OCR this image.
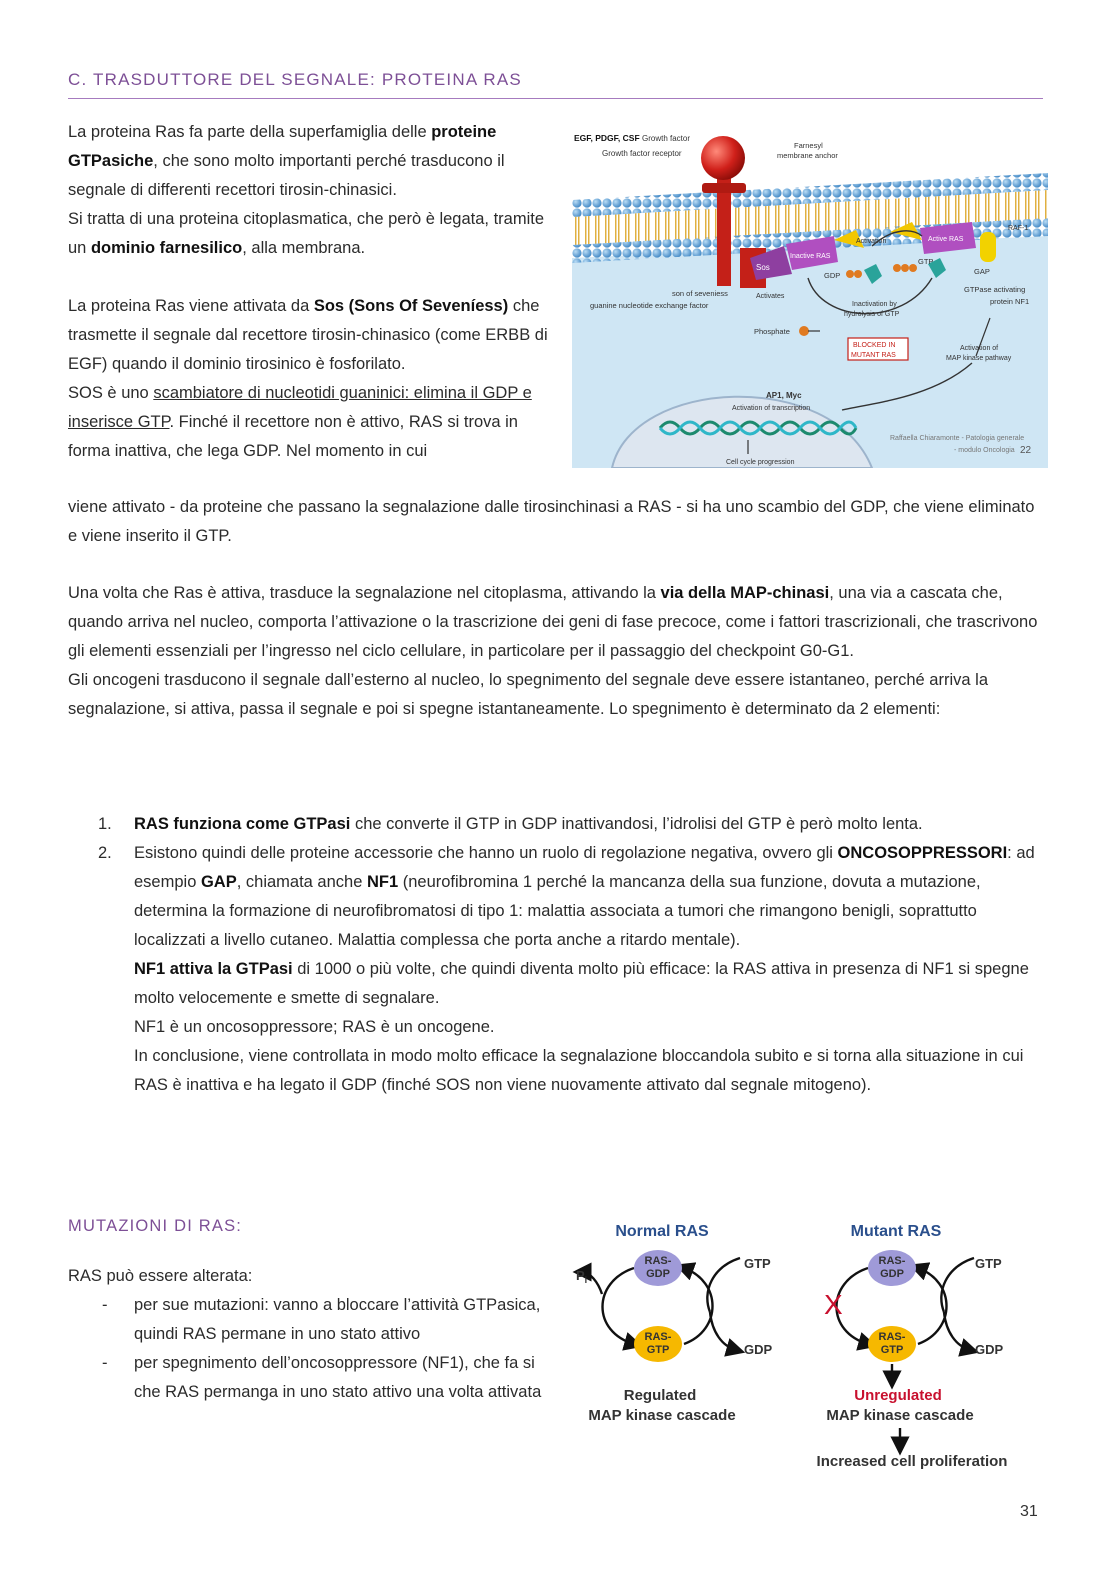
C. TRASDUTTORE DEL SEGNALE: PROTEINA RAS

La proteina Ras fa parte della superfamiglia delle proteine GTPasiche, che sono molto importanti perché trasducono il segnale di differenti recettori tirosin-chinasici.
Si tratta di una proteina citoplasmatica, che però è legata, tramite un dominio farnesilico, alla membrana.

La proteina Ras viene attivata da Sos (Sons Of Seveníess) che trasmette il segnale dal recettore tirosin-chinasico (come ERBB di EGF) quando il dominio tirosinico è fosforilato.
SOS è uno scambiatore di nucleotidi guaninici: elimina il GDP e inserisce GTP. Finché il recettore non è attivo, RAS si trova in forma inattiva, che lega GDP. Nel momento in cui

viene attivato - da proteine che passano la segnalazione dalle tirosinchinasi a RAS - si ha uno scambio del GDP, che viene eliminato e viene inserito il GTP.

EGF, PDGF, CSF Growth factor
Growth factor receptor
Farnesyl
membrane anchor
Sos
Inactive RAS
Active RAS
Activation
RAF-1
GDP
GTP
GAP
Activates
son of seveniess
guanine nucleotide exchange factor
GTPase activating
protein NF1
Inactivation by
hydrolysis of GTP
Phosphate
BLOCKED IN
MUTANT RAS
Activation of
MAP kinase pathway
AP1, Myc
Activation of transcription
Cell cycle progression
Raffaella Chiaramonte - Patologia generale
- modulo Oncologia 22

Una volta che Ras è attiva, trasduce la segnalazione nel citoplasma, attivando la via della MAP-chinasi, una via a cascata che, quando arriva nel nucleo, comporta l’attivazione o la trascrizione dei geni di fase precoce, come i fattori trascrizionali, che trascrivono gli elementi essenziali per l’ingresso nel ciclo cellulare, in particolare per il passaggio del checkpoint G0-G1.
Gli oncogeni trasducono il segnale dall’esterno al nucleo, lo spegnimento del segnale deve essere istantaneo, perché arriva la segnalazione, si attiva, passa il segnale e poi si spegne istantaneamente. Lo spegnimento è determinato da 2 elementi:

1. RAS funziona come GTPasi che converte il GTP in GDP inattivandosi, l’idrolisi del GTP è però molto lenta.
2. Esistono quindi delle proteine accessorie che hanno un ruolo di regolazione negativa, ovvero gli ONCOSOPPRESSORI: ad esempio GAP, chiamata anche NF1 (neurofibromina 1 perché la mancanza della sua funzione, dovuta a mutazione, determina la formazione di neurofibromatosi di tipo 1: malattia associata a tumori che rimangono benigli, soprattutto localizzati a livello cutaneo. Malattia complessa che porta anche a ritardo mentale).
NF1 attiva la GTPasi di 1000 o più volte, che quindi diventa molto più efficace: la RAS attiva in presenza di NF1 si spegne molto velocemente e smette di segnalare.
NF1 è un oncosoppressore; RAS è un oncogene.
In conclusione, viene controllata in modo molto efficace la segnalazione bloccandola subito e si torna alla situazione in cui RAS è inattiva e ha legato il GDP (finché SOS non viene nuovamente attivato dal segnale mitogeno).
MUTAZIONI DI RAS:

RAS può essere alterata:

- per sue mutazioni: vanno a bloccare l’attività GTPasica, quindi RAS permane in uno stato attivo
- per spegnimento dell’oncosoppressore (NF1), che fa si che RAS permanga in uno stato attivo una volta attivata
Normal RAS	Mutant RAS
RAS-
GDP
RAS-
GTP
$P_i$
GTP
GDP
Regulated
MAP kinase cascade
RAS-
GDP
RAS-
GTP
X
GTP
GDP
Unregulated
MAP kinase cascade
Increased cell proliferation
31
